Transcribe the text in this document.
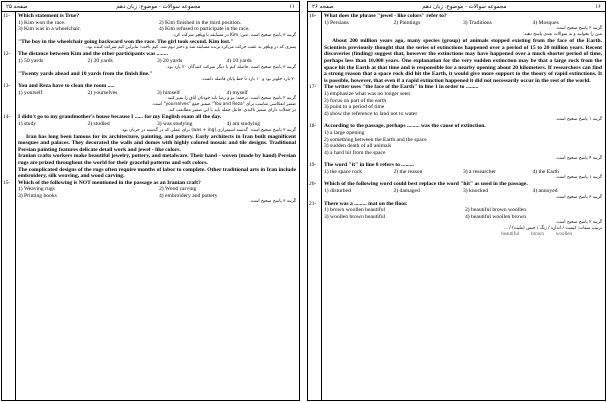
صفحه ۲۵	مجموعه سوالات - موضوع: زبان دهم	۱۱
11- Which statement is True?
1) Kim won the race.	2) Kim finished in the third position.
3) Kim was in a wheelchair.	4) Kim refused to participate in the race.
گزینه ۳ پاسخ صحیح است. متن: Kim در مسابقه با ویلچر شرکت کرد.
"The boy in the wheelchair going backward won the race. The girl took second. Kim lost."
پسری که در ویلچر به عقب حرکت می‌کرد برنده مسابقه شد و دختر دوم شد. کیم باخت؛ بنابراین کیم شرکت کننده بود.
12- The distance between Kim and the other participants was ........
1) 50 yards	2) 30 yards	3) 20 yards	4) 10 yards
گزینه ۳ پاسخ صحیح است. فاصله کیم با دیگر شرکت کنندگان ۲۰ یارد بود.
"Twenty yards ahead and 10 yards from the finish line."
۲۰ یارد جلوتر بود و ۱۰ یارد تا خط پایان فاصله داشت.
13- You and Reza have to clean the room .....
1) yourself	2) yourselves	3) himself	4) myself
گزینه ۲ پاسخ صحیح است. ترجمه: تو و رضا باید خودتان اتاق را تمیز کنید.
ضمیر انعکاسی مناسب برای "You and Reza" ضمیر جمع "yourselves" است.
در جملات دارای ضمیر تاکیدی، فاعل جمله باید با این ضمیر مطابقت کند.
14- I didn't go to my grandmother's house because I ...... for my English exam all the day.
1) study	2) studied	3) was studying	4) am studying
گزینه ۳ پاسخ صحیح است. گذشته استمراری (was + ing) برای عملی که در گذشته در جریان بود.
Iran has long been famous for its architecture, painting, and pottery. Early architects in Iran built magnificent mosques and palaces. They decorated the walls and domes with highly colored mosaic and tile designs. Traditional Persian painting features delicate detail work and jewel - like colors.
Iranian crafts workers make beautiful jewelry, pottery, and metalware. Their hand - woven (made by hand) Persian rugs are prized throughout the world for their graceful patterns and soft colors.
The complicated designs of the rugs often require months of labor to complete. Other traditional arts in Iran include embroidery, silk weaving, and wood carving.
15- Which of the following is NOT mentioned in the passage as an Iranian craft?
1) Weaving rugs	2) Wood carving
3) Printing books	4) embroidery and pottery
گزینه ۳ پاسخ صحیح است.
صفحه ۲۶	مجموعه سوالات - موضوع: زبان دهم	۱۶
16- What does the phrase "jewel - like colors" refer to?
1) Persians	2) Paintings	3) Traditions	4) Mosques
گزینه ۲ پاسخ صحیح است.
متن را بخوانید و به سوالات بعدی پاسخ دهید:
About 200 million years ago, many species (group) of animals stopped existing from the face of the Earth. Scientists previously thought that the series of extinctions happened over a period of 15 to 20 million years. Recent discoveries (finding) suggest that, however the extinctions may have happened over a much shorter period of time, perhaps less than 10,000 years. One explanation for the very sudden extinction may be that a large rock from the space hit the Earth at that time and is responsible for a nearby opening about 20 kilometers. If researchers can find a strong reason that a space rock did hit the Earth, it would give more support to the theory of rapid extinctions. It is possible, however, that even if a rapid extinction happened it did not necessarily occur in the rest of the world.
17- The writer uses "the face of the Earth" in line 1 in order to .........
1) emphasize what was no longer seen
2) focus on part of the earth
3) point to a period of time
4) show the reference to land not to water
گزینه ۱ پاسخ صحیح است.
18- According to the passage, perhaps ......... was the cause of extinction.
1) a large opening
2) something between the Earth and the space
3) sudden death of all animals
4) a hard hit from the space
گزینه ۴ پاسخ صحیح است.
19- The word "it" in line 8 refers to .........
1) the space rock	2) the reason	3) a researcher	4) the Earth
گزینه ۱ پاسخ صحیح است.
20- Which of the following word could best replace the word "hit" as used in the passage.
1) disturbed	2) damaged	3) knocked	4) annoyed
گزینه ۳ پاسخ صحیح است.
21- There was a ......... mat on the floor.
1) brown woollen beautiful	2) beautiful brown woollen
3) woollen brown beautiful	4) beautiful woollen brown
گزینه ۲ پاسخ صحیح است.
ترتیب صفات: کیفیت / اندازه / رنگ / جنس (ملیت) / ...
beautiful brown woollen
